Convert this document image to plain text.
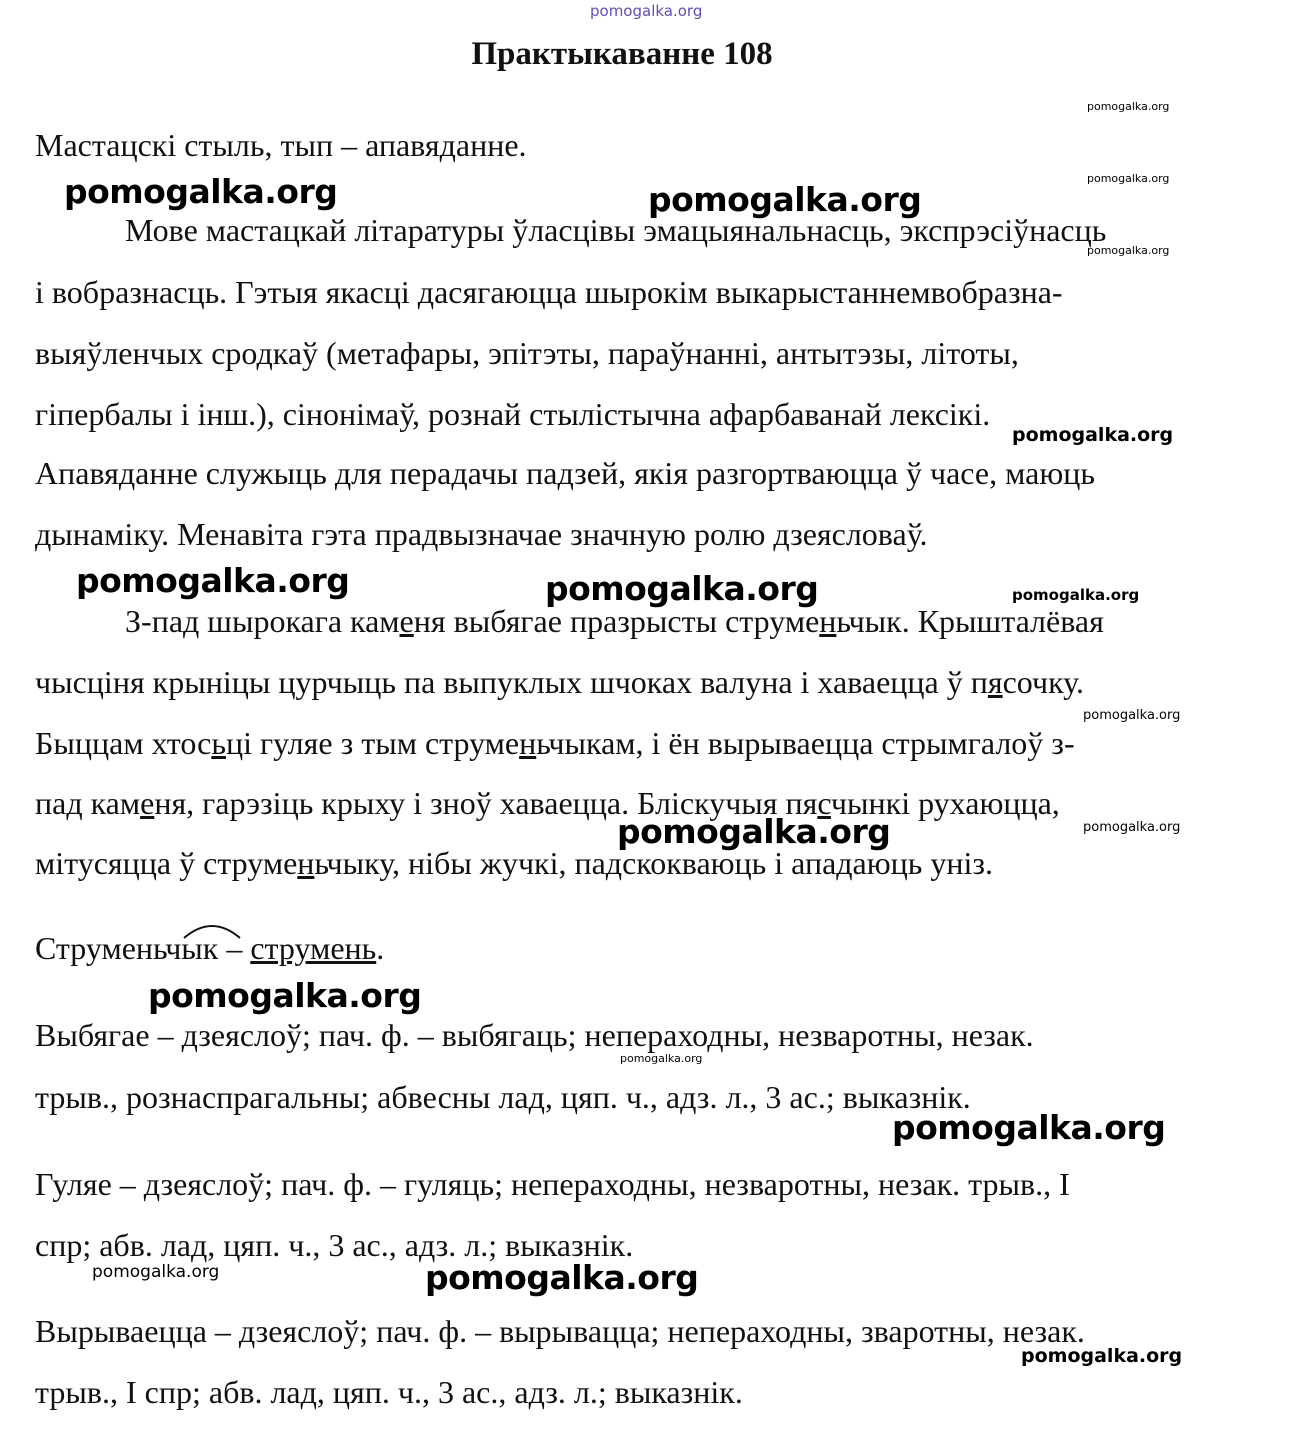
pomogalka.org
Практыкаванне 108
Мастацскі стыль, тып – апавяданне.
Мове мастацкай літаратуры ўласцівы эмацыянальнасць, экспрэсіўнасць
і вобразнасць. Гэтыя якасці дасягаюцца шырокім выкарыстаннемвобразна-
выяўленчых сродкаў (метафары, эпітэты, параўнанні, антытэзы, літоты,
гіпербалы і інш.), сінонімаў, рознай стылістычна афарбаванай лексікі.
Апавяданне служыць для перадачы падзей, якія разгортваюцца ў часе, маюць
дынаміку. Менавіта гэта прадвызначае значную ролю дзеясловаў.
З-пад шырокага каменя выбягае празрысты струменьчык. Крышталёвая
чысціня крыніцы цурчыць па выпуклых шчоках валуна і хаваецца ў пясочку.
Быццам хтосьці гуляе з тым струменьчыкам, і ён вырываецца стрымгалоў з-
пад каменя, гарэзіць крыху і зноў хаваецца. Бліскучыя пясчынкі рухаюцца,
мітусяцца ў струменьчыку, нібы жучкі, падскокваюць і ападаюць уніз.
Струменьчык – струмень.
Выбягае – дзеяслоў; пач. ф. – выбягаць; непераходны, незваротны, незак.
трыв., рознаспрагальны; абвесны лад, цяп. ч., адз. л., 3 ас.; выказнік.
Гуляе – дзеяслоў; пач. ф. – гуляць; непераходны, незваротны, незак. трыв., I
спр; абв. лад, цяп. ч., 3 ас., адз. л.; выказнік.
Вырываецца – дзеяслоў; пач. ф. – вырывацца; непераходны, зваротны, незак.
трыв., I спр; абв. лад, цяп. ч., 3 ас., адз. л.; выказнік.
pomogalka.org
pomogalka.org
pomogalka.org
pomogalka.org	pomogalka.org
pomogalka.org
pomogalka.org	pomogalka.org	pomogalka.org
pomogalka.org
pomogalka.org	pomogalka.org
pomogalka.org
pomogalka.org
pomogalka.org
pomogalka.org	pomogalka.org
pomogalka.org
